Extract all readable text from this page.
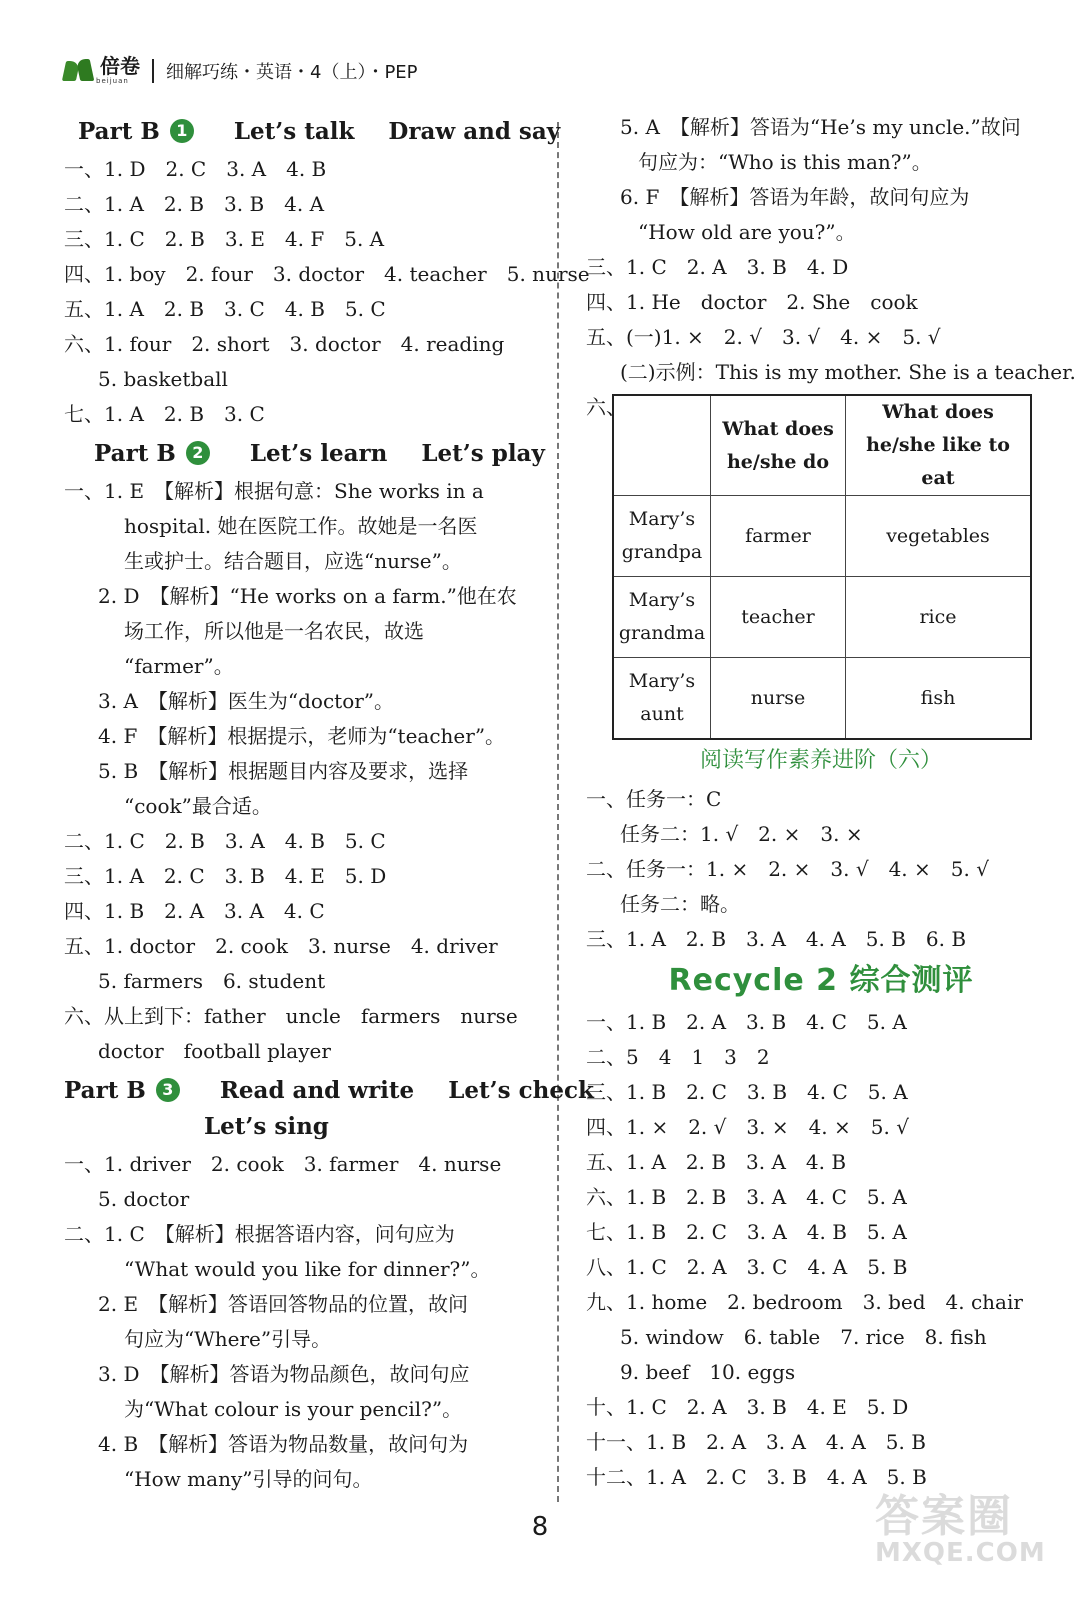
倍卷
beijuan	细解巧练・英语・4（上）・PEP
Part B 1 Let’s talk Draw and say
一、1. D　2. C　3. A　4. B
二、1. A　2. B　3. B　4. A
三、1. C　2. B　3. E　4. F　5. A
四、1. boy　2. four　3. doctor　4. teacher　5. nurse
五、1. A　2. B　3. C　4. B　5. C
六、1. four　2. short　3. doctor　4. reading
5. basketball
七、1. A　2. B　3. C
Part B 2 Let’s learn Let’s play
一、1. E　【解析】根据句意：She works in a
hospital. 她在医院工作。故她是一名医
生或护士。结合题目，应选“nurse”。
2. D　【解析】“He works on a farm.”他在农
场工作，所以他是一名农民，故选
“farmer”。
3. A　【解析】医生为“doctor”。
4. F　【解析】根据提示，老师为“teacher”。
5. B　【解析】根据题目内容及要求，选择
“cook”最合适。
二、1. C　2. B　3. A　4. B　5. C
三、1. A　2. C　3. B　4. E　5. D
四、1. B　2. A　3. A　4. C
五、1. doctor　2. cook　3. nurse　4. driver
5. farmers　6. student
六、从上到下：father　uncle　farmers　nurse
doctor　football player
Part B 3 Read and write Let’s check
Let’s sing
一、1. driver　2. cook　3. farmer　4. nurse
5. doctor
二、1. C　【解析】根据答语内容，问句应为
“What would you like for dinner?”。
2. E　【解析】答语回答物品的位置，故问
句应为“Where”引导。
3. D　【解析】答语为物品颜色，故问句应
为“What colour is your pencil?”。
4. B　【解析】答语为物品数量，故问句为
“How many”引导的问句。
5. A　【解析】答语为“He’s my uncle.”故问
句应为：“Who is this man?”。
6. F　【解析】答语为年龄，故问句应为
“How old are you?”。
三、1. C　2. A　3. B　4. D
四、1. He　doctor　2. She　cook
五、(一)1. ×　2. √　3. √　4. ×　5. √
(二)示例：This is my mother. She is a teacher.
六、
	What does he/she do	What does he/she like to eat
Mary’s grandpa	farmer	vegetables
Mary’s grandma	teacher	rice
Mary’s aunt	nurse	fish
阅读写作素养进阶（六）
一、任务一：C
任务二：1. √　2. ×　3. ×
二、任务一：1. ×　2. ×　3. √　4. ×　5. √
任务二：略。
三、1. A　2. B　3. A　4. A　5. B　6. B
Recycle 2 综合测评
一、1. B　2. A　3. B　4. C　5. A
二、5　4　1　3　2
三、1. B　2. C　3. B　4. C　5. A
四、1. ×　2. √　3. ×　4. ×　5. √
五、1. A　2. B　3. A　4. B
六、1. B　2. B　3. A　4. C　5. A
七、1. B　2. C　3. A　4. B　5. A
八、1. C　2. A　3. C　4. A　5. B
九、1. home　2. bedroom　3. bed　4. chair
5. window　6. table　7. rice　8. fish
9. beef　10. eggs
十、1. C　2. A　3. B　4. E　5. D
十一、1. B　2. A　3. A　4. A　5. B
十二、1. A　2. C　3. B　4. A　5. B
8	答案圈
MXQE.COM
